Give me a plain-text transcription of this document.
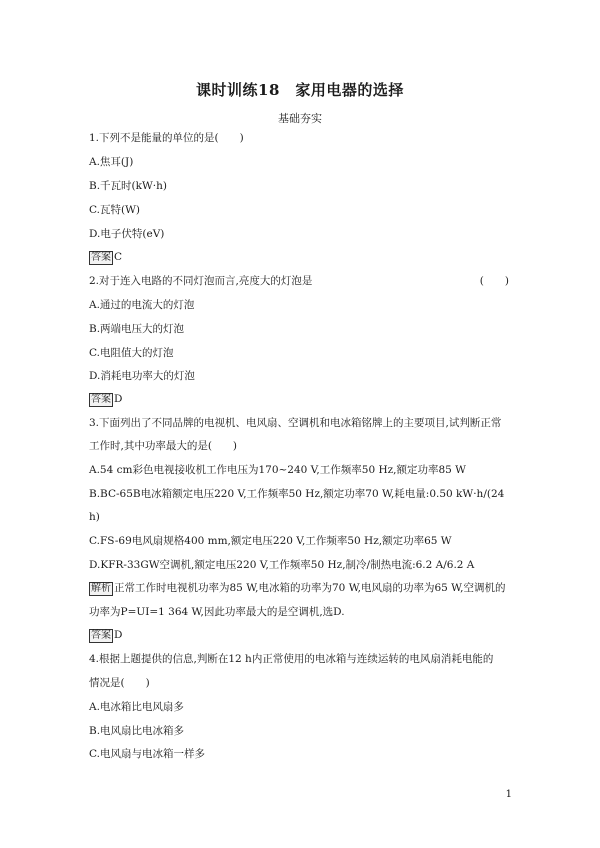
课时训练18　家用电器的选择
基础夯实
1.下列不是能量的单位的是(　　)
A.焦耳(J)
B.千瓦时(kW·h)
C.瓦特(W)
D.电子伏特(eV)
答案 C
2.对于连入电路的不同灯泡而言,亮度大的灯泡是	(　　)
A.通过的电流大的灯泡
B.两端电压大的灯泡
C.电阻值大的灯泡
D.消耗电功率大的灯泡
答案 D
3.下面列出了不同品牌的电视机、电风扇、空调机和电冰箱铭牌上的主要项目,试判断正常
工作时,其中功率最大的是(　　)
A.54 cm彩色电视接收机工作电压为170~240 V,工作频率50 Hz,额定功率85 W
B.BC-65B电冰箱额定电压220 V,工作频率50 Hz,额定功率70 W,耗电量:0.50 kW·h/(24
h)
C.FS-69电风扇规格400 mm,额定电压220 V,工作频率50 Hz,额定功率65 W
D.KFR-33GW空调机,额定电压220 V,工作频率50 Hz,制冷/制热电流:6.2 A/6.2 A
解析 正常工作时电视机功率为85 W,电冰箱的功率为70 W,电风扇的功率为65 W,空调机的
功率为P=UI=1 364 W,因此功率最大的是空调机,选D.
答案 D
4.根据上题提供的信息,判断在12 h内正常使用的电冰箱与连续运转的电风扇消耗电能的
情况是(　　)
A.电冰箱比电风扇多
B.电风扇比电冰箱多
C.电风扇与电冰箱一样多
1
